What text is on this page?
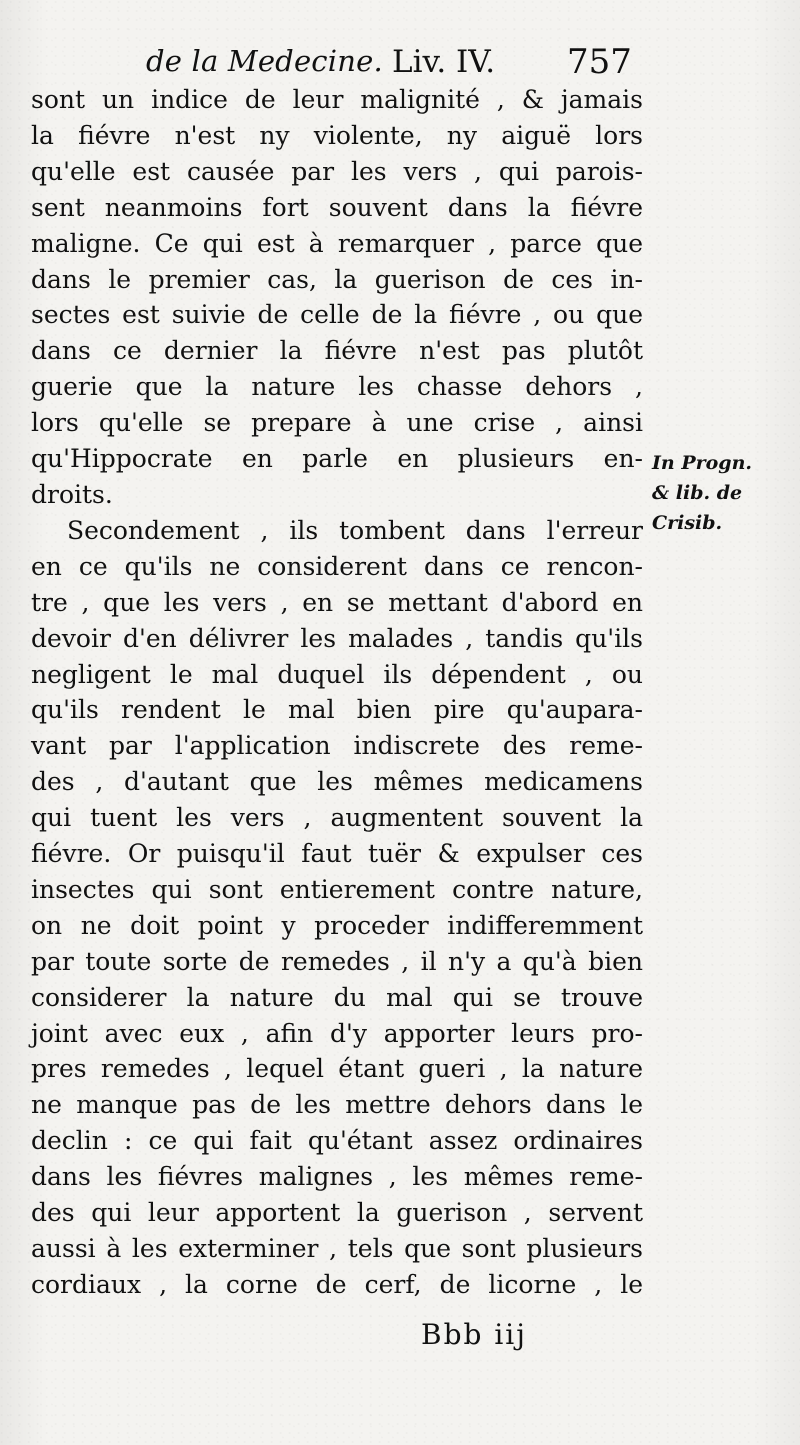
de la Medecine. Liv. IV. 757
sont un indice de leur malignité , & jamais
la fiévre n'est ny violente, ny aiguë lors
qu'elle est causée par les vers , qui parois-
sent neanmoins fort souvent dans la fiévre
maligne. Ce qui est à remarquer , parce que
dans le premier cas, la guerison de ces in-
sectes est suivie de celle de la fiévre , ou que
dans ce dernier la fiévre n'est pas plutôt
guerie que la nature les chasse dehors ,
lors qu'elle se prepare à une crise , ainsi
qu'Hippocrate en parle en plusieurs en-
droits.
Secondement , ils tombent dans l'erreur
en ce qu'ils ne considerent dans ce rencon-
tre , que les vers , en se mettant d'abord en
devoir d'en délivrer les malades , tandis qu'ils
negligent le mal duquel ils dépendent , ou
qu'ils rendent le mal bien pire qu'aupara-
vant par l'application indiscrete des reme-
des , d'autant que les mêmes medicamens
qui tuent les vers , augmentent souvent la
fiévre. Or puisqu'il faut tuër & expulser ces
insectes qui sont entierement contre nature,
on ne doit point y proceder indifferemment
par toute sorte de remedes , il n'y a qu'à bien
considerer la nature du mal qui se trouve
joint avec eux , afin d'y apporter leurs pro-
pres remedes , lequel étant gueri , la nature
ne manque pas de les mettre dehors dans le
declin : ce qui fait qu'étant assez ordinaires
dans les fiévres malignes , les mêmes reme-
des qui leur apportent la guerison , servent
aussi à les exterminer , tels que sont plusieurs
cordiaux , la corne de cerf, de licorne , le
In Progn.
& lib. de
Crisib.
Bbb iij
